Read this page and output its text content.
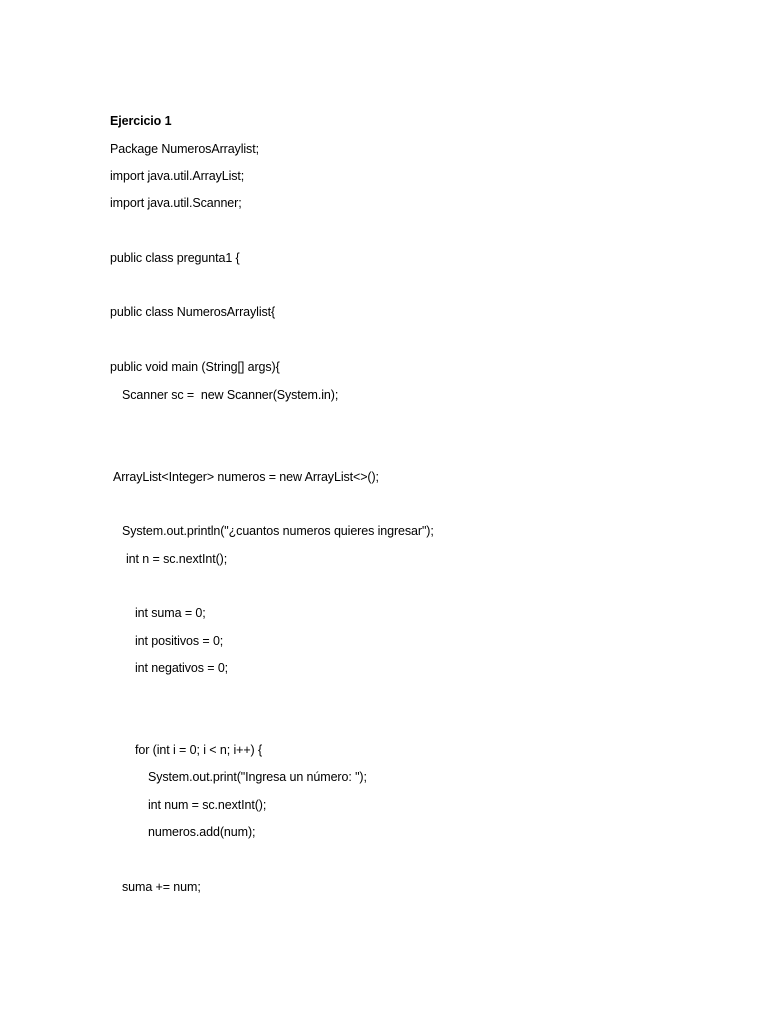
Ejercicio 1
Package NumerosArraylist;
import java.util.ArrayList;
import java.util.Scanner;
public class pregunta1 {
public class NumerosArraylist{
public void main (String[] args){
Scanner sc =  new Scanner(System.in);
ArrayList<Integer> numeros = new ArrayList<>();
System.out.println("¿cuantos numeros quieres ingresar");
int n = sc.nextInt();
int suma = 0;
int positivos = 0;
int negativos = 0;
for (int i = 0; i < n; i++) {
System.out.print("Ingresa un número: ");
int num = sc.nextInt();
numeros.add(num);
suma += num;
